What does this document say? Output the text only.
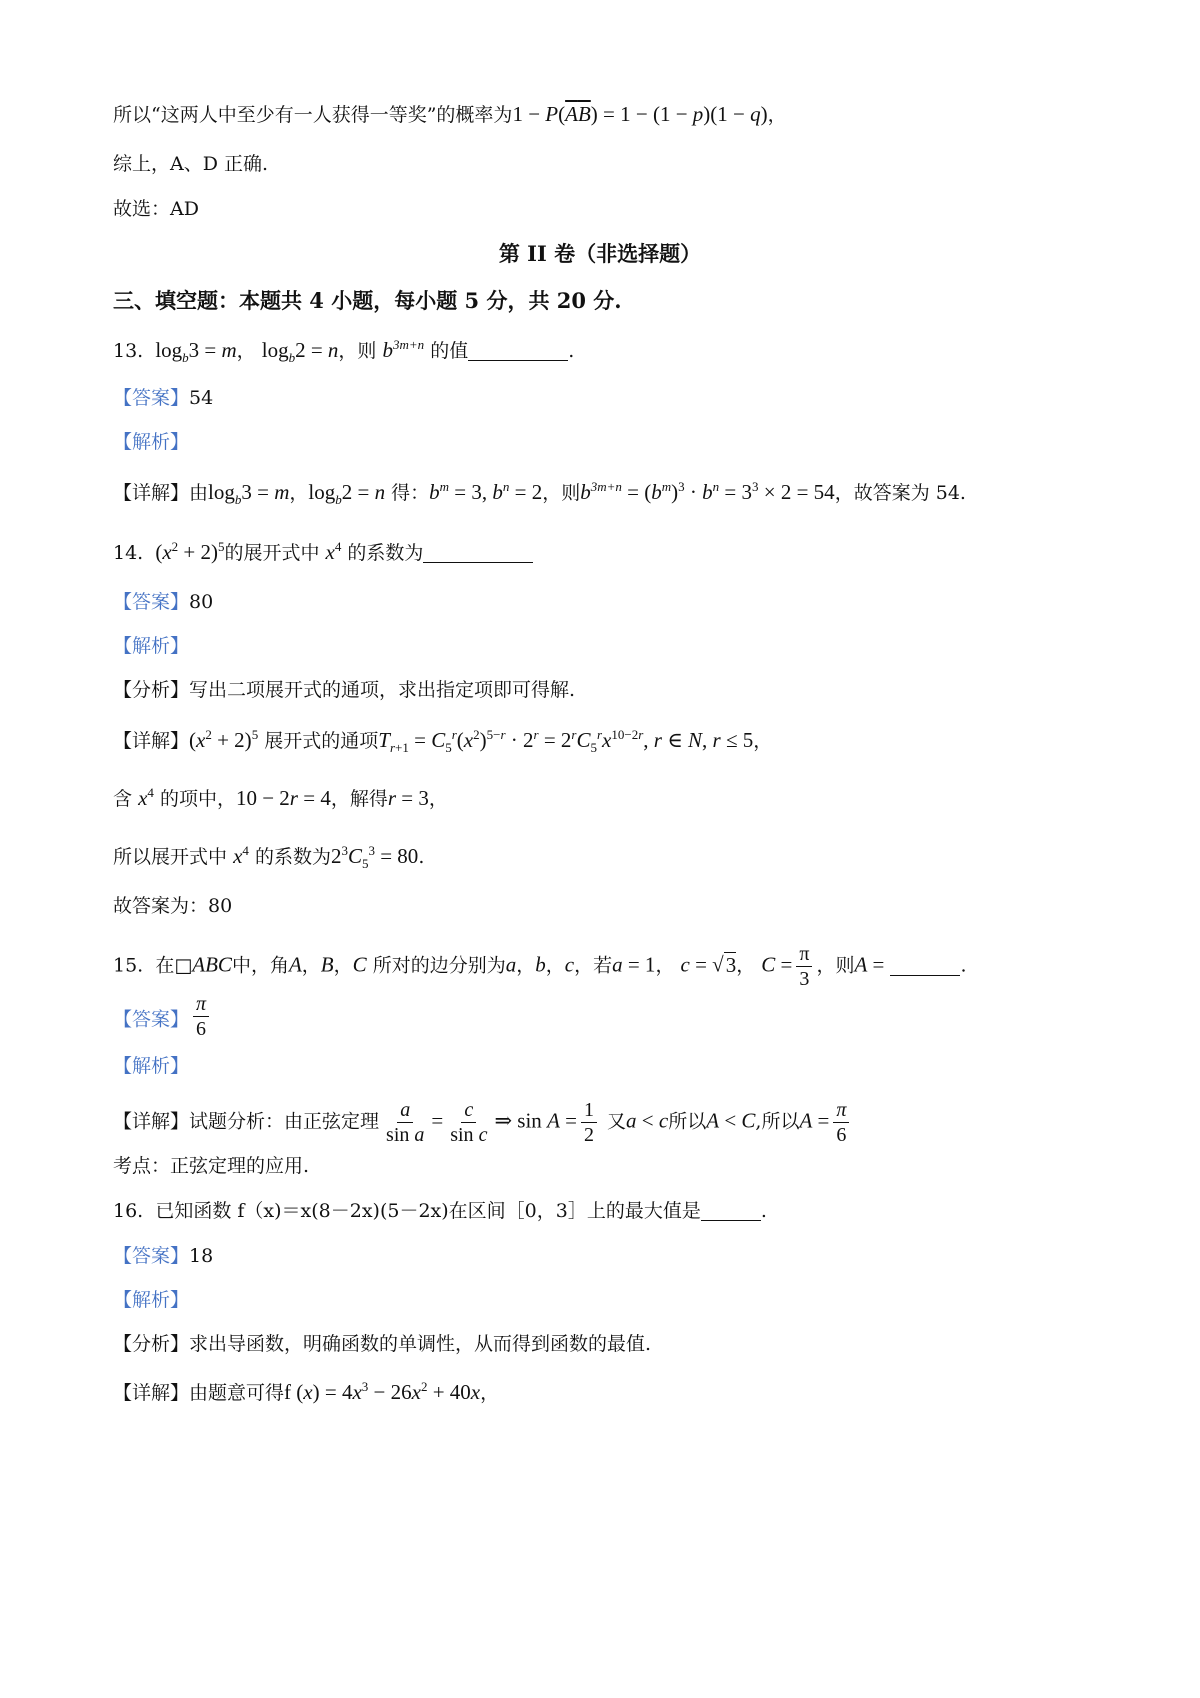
所以“这两人中至少有一人获得一等奖”的概率为1 − P(AB) = 1 − (1 − p)(1 − q)，
综上，A、D 正确.
故选：AD
第 II 卷（非选择题）
三、填空题：本题共 4 小题，每小题 5 分，共 20 分.
13. $\log_b3 = m$， $\log_b2 = n$，则 $b^{3m+n}$ 的值	.
【答案】54
【解析】
【详解】由$\log_b3 = m$，$\log_b2 = n$ 得：$b^m = 3$, $b^n = 2$，则$b^{3m+n} = (b^m)^3 \cdot b^n = 3^3 \times 2 = 54$，故答案为 54.
14. $(x^2 + 2)^5$的展开式中 $x^4$ 的系数为
【答案】80
【解析】
【分析】写出二项展开式的通项，求出指定项即可得解.
【详解】$(x^2 + 2)^5$ 展开式的通项$T_{r+1} = C_5^r(x^2)^{5-r} \cdot 2^r = 2^rC_5^rx^{10-2r}$, r ∈ N, r ≤ 5，
含 $x^4$ 的项中，10 − 2r = 4，解得r = 3，
所以展开式中 $x^4$ 的系数为$2^3C_5^3 = 80$.
故答案为：80
15. 在□ABC中，角A，B，C 所对的边分别为a，b，c，若a = 1， c = √3， $C = \frac{\pi}{3}$ ，则A =	.
【答案】 $\frac{\pi}{6}$
【解析】
【详解】试题分析：由正弦定理 $\frac{a}{\text{sin a}} = \frac{c}{\text{sin c}}$ ⇒ $\sin A = \frac{1}{2}$ 又a < c所以A < C,所以$A = \frac{\pi}{6}$
考点：正弦定理的应用.
16. 已知函数 f（x)＝x(8－2x)(5－2x)在区间［0，3］上的最大值是	.
【答案】18
【解析】
【分析】求出导函数，明确函数的单调性，从而得到函数的最值.
【详解】由题意可得f $(x) = 4x^3 - 26x^2 + 40x$，
